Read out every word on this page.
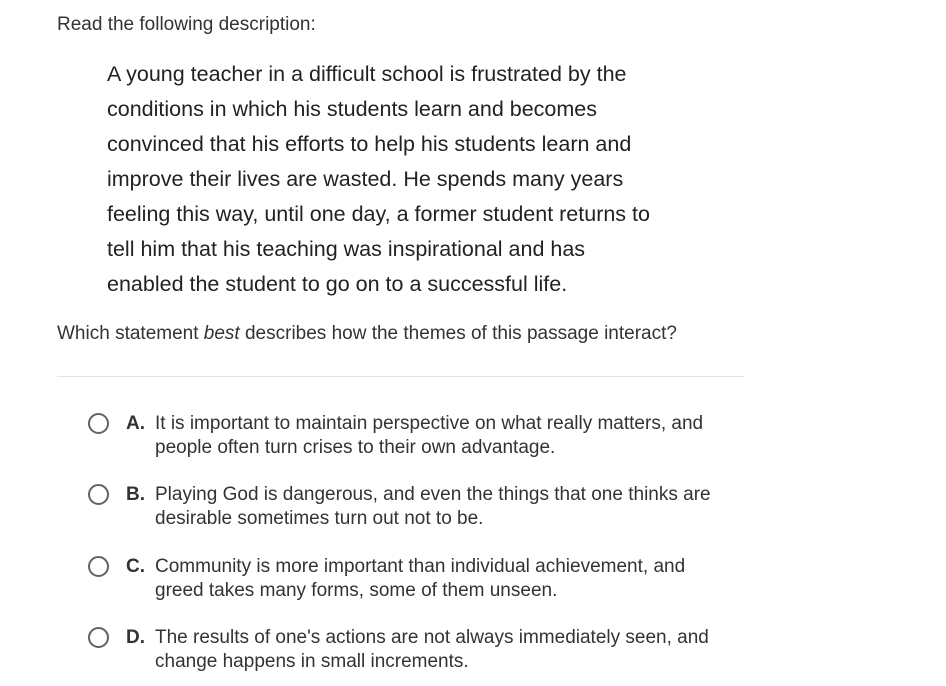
Read the following description:
A young teacher in a difficult school is frustrated by the
conditions in which his students learn and becomes
convinced that his efforts to help his students learn and
improve their lives are wasted. He spends many years
feeling this way, until one day, a former student returns to
tell him that his teaching was inspirational and has
enabled the student to go on to a successful life.
Which statement best describes how the themes of this passage interact?
A. It is important to maintain perspective on what really matters, and
people often turn crises to their own advantage.
B. Playing God is dangerous, and even the things that one thinks are
desirable sometimes turn out not to be.
C. Community is more important than individual achievement, and
greed takes many forms, some of them unseen.
D. The results of one's actions are not always immediately seen, and
change happens in small increments.
